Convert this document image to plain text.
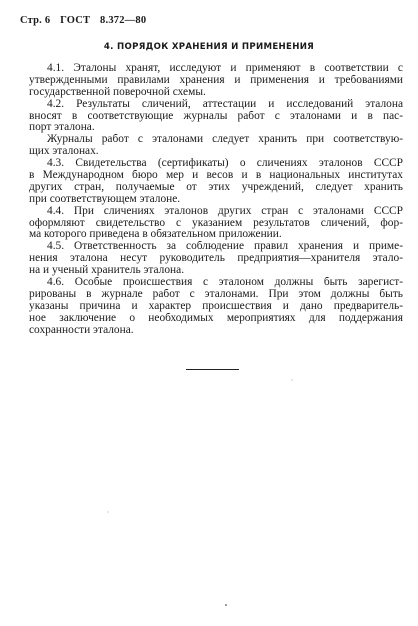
Стр. 6 ГОСТ 8.372—80
4. ПОРЯДОК ХРАНЕНИЯ И ПРИМЕНЕНИЯ
4.1. Эталоны хранят, исследуют и применяют в соответствии с
утвержденными правилами хранения и применения и требованиями
государственной поверочной схемы.
4.2. Результаты сличений, аттестации и исследований эталона
вносят в соответствующие журналы работ с эталонами и в пас-
порт эталона.
Журналы работ с эталонами следует хранить при соответствую-
щих эталонах.
4.3. Свидетельства (сертификаты) о сличениях эталонов СССР
в Международном бюро мер и весов и в национальных институтах
других стран, получаемые от этих учреждений, следует хранить
при соответствующем эталоне.
4.4. При сличениях эталонов других стран с эталонами СССР
оформляют свидетельство с указанием результатов сличений, фор-
ма которого приведена в обязательном приложении.
4.5. Ответственность за соблюдение правил хранения и приме-
нения эталона несут руководитель предприятия—хранителя этало-
на и ученый хранитель эталона.
4.6. Особые происшествия с эталоном должны быть зарегист-
рированы в журнале работ с эталонами. При этом должны быть
указаны причина и характер происшествия и дано предваритель-
ное заключение о необходимых мероприятиях для поддержания
сохранности эталона.
